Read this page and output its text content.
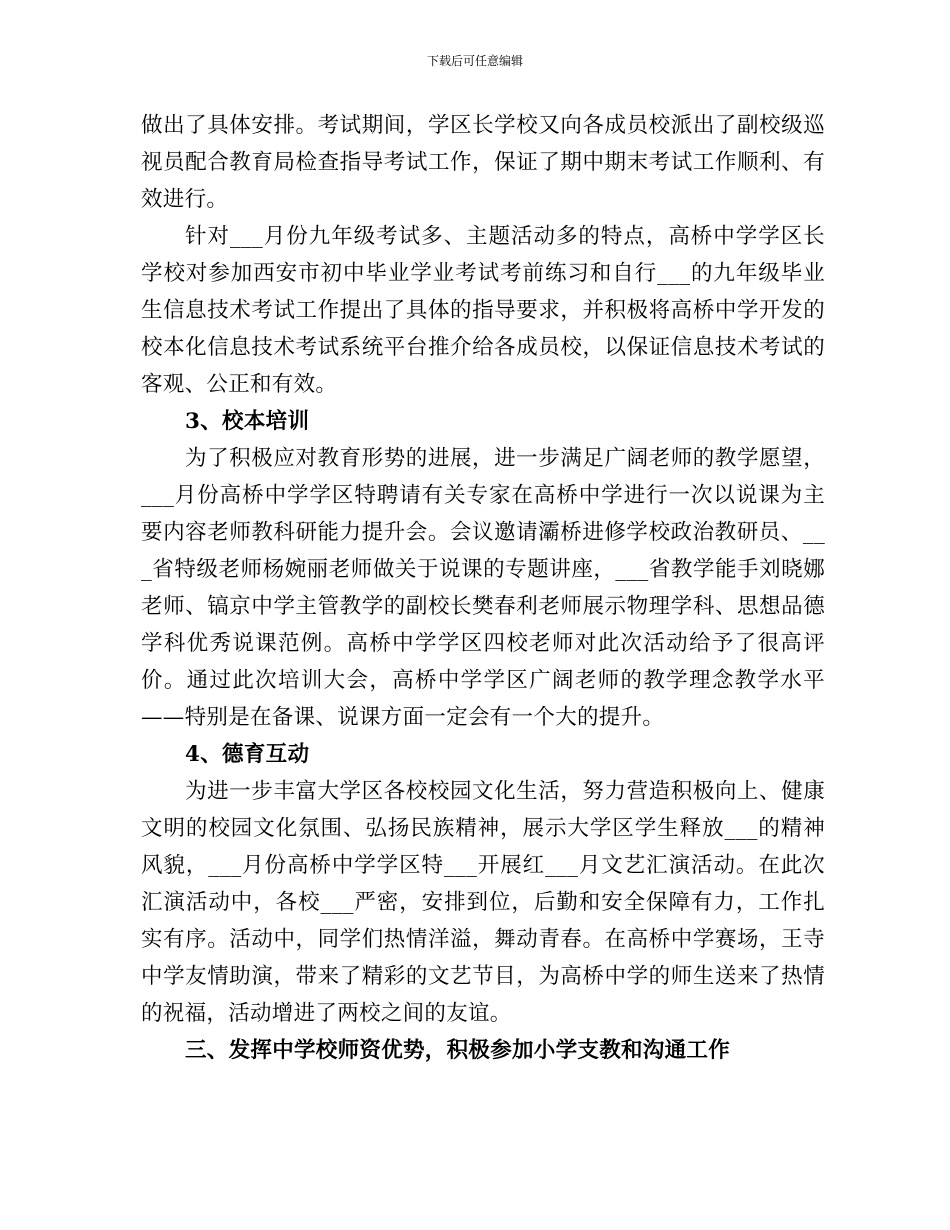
下载后可任意编辑

做出了具体安排。考试期间，学区长学校又向各成员校派出了副校级巡视员配合教育局检查指导考试工作，保证了期中期末考试工作顺利、有效进行。

针对___月份九年级考试多、主题活动多的特点，高桥中学学区长学校对参加西安市初中毕业学业考试考前练习和自行___的九年级毕业生信息技术考试工作提出了具体的指导要求，并积极将高桥中学开发的校本化信息技术考试系统平台推介给各成员校，以保证信息技术考试的客观、公正和有效。

3、校本培训

为了积极应对教育形势的进展，进一步满足广阔老师的教学愿望，___月份高桥中学学区特聘请有关专家在高桥中学进行一次以说课为主要内容老师教科研能力提升会。会议邀请灞桥进修学校政治教研员、___省特级老师杨婉丽老师做关于说课的专题讲座，___省教学能手刘晓娜老师、镐京中学主管教学的副校长樊春利老师展示物理学科、思想品德学科优秀说课范例。高桥中学学区四校老师对此次活动给予了很高评价。通过此次培训大会，高桥中学学区广阔老师的教学理念教学水平——特别是在备课、说课方面一定会有一个大的提升。

4、德育互动

为进一步丰富大学区各校校园文化生活，努力营造积极向上、健康文明的校园文化氛围、弘扬民族精神，展示大学区学生释放___的精神风貌，___月份高桥中学学区特___开展红___月文艺汇演活动。在此次汇演活动中，各校___严密，安排到位，后勤和安全保障有力，工作扎实有序。活动中，同学们热情洋溢，舞动青春。在高桥中学赛场，王寺中学友情助演，带来了精彩的文艺节目，为高桥中学的师生送来了热情的祝福，活动增进了两校之间的友谊。

三、发挥中学校师资优势，积极参加小学支教和沟通工作
